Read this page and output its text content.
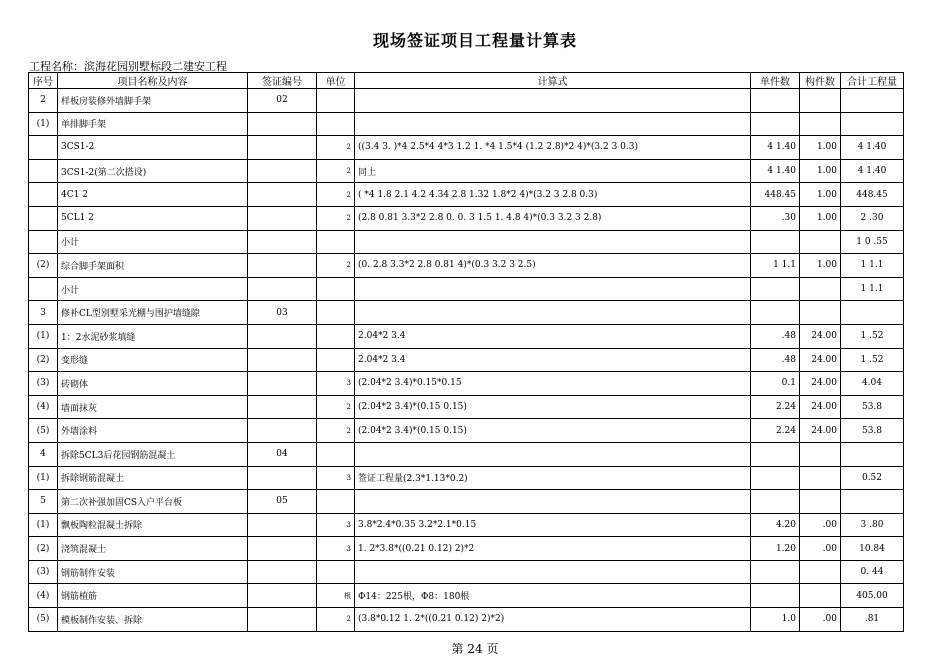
现场签证项目工程量计算表
工程名称：滨海花园别墅标段二建安工程
序号	项目名称及内容	签证编号	单位	计算式	单件数	构件数	合计工程量
2	样板房装修外墙脚手架	02					
(1)	单排脚手架						
	3CS1-2		2	((3.4 3. )*4 2.5*4 4*3 1.2 1. *4 1.5*4 (1.2 2.8)*2 4)*(3.2 3 0.3)	4 1.40	1.00	4 1.40
	3CS1-2(第二次搭设)		2	同上	4 1.40	1.00	4 1.40
	4C1 2		2	( *4 1.8 2.1 4.2 4.34 2.8 1.32 1.8*2 4)*(3.2 3 2.8 0.3)	448.45	1.00	448.45
	5CL1 2		2	(2.8 0.81 3.3*2 2.8 0. 0. 3 1.5 1. 4.8 4)*(0.3 3.2 3 2.8)	.30	1.00	2 .30
	小计						1 0 .55
(2)	综合脚手架面积		2	(0. 2.8 3.3*2 2.8 0.81 4)*(0.3 3.2 3 2.5)	1 1.1	1.00	1 1.1
	小计						1 1.1
3	修补CL型别墅采光棚与围护墙缝隙	03					
(1)	1：2水泥砂浆填缝			2.04*2 3.4	.48	24.00	1 .52
(2)	变形缝			2.04*2 3.4	.48	24.00	1 .52
(3)	砖砌体		3	(2.04*2 3.4)*0.15*0.15	0.1	24.00	4.04
(4)	墙面抹灰		2	(2.04*2 3.4)*(0.15 0.15)	2.24	24.00	53.8
(5)	外墙涂料		2	(2.04*2 3.4)*(0.15 0.15)	2.24	24.00	53.8
4	拆除5CL3后花园钢筋混凝土	04					
(1)	拆除钢筋混凝土		3	签证工程量(2.3*1.13*0.2)			0.52
5	第二次补强加固CS入户平台板	05					
(1)	飘板陶粒混凝土拆除		3	3.8*2.4*0.35 3.2*2.1*0.15	4.20	.00	3 .80
(2)	浇筑混凝土		3	1. 2*3.8*((0.21 0.12) 2)*2	1.20	.00	10.84
(3)	钢筋制作安装						0. 44
(4)	钢筋植筋		根	Φ14：225根，Φ8：180根			405.00
(5)	模板制作安装、拆除		2	(3.8*0.12 1. 2*((0.21 0.12) 2)*2)	1.0	.00	.81
第 24 页
